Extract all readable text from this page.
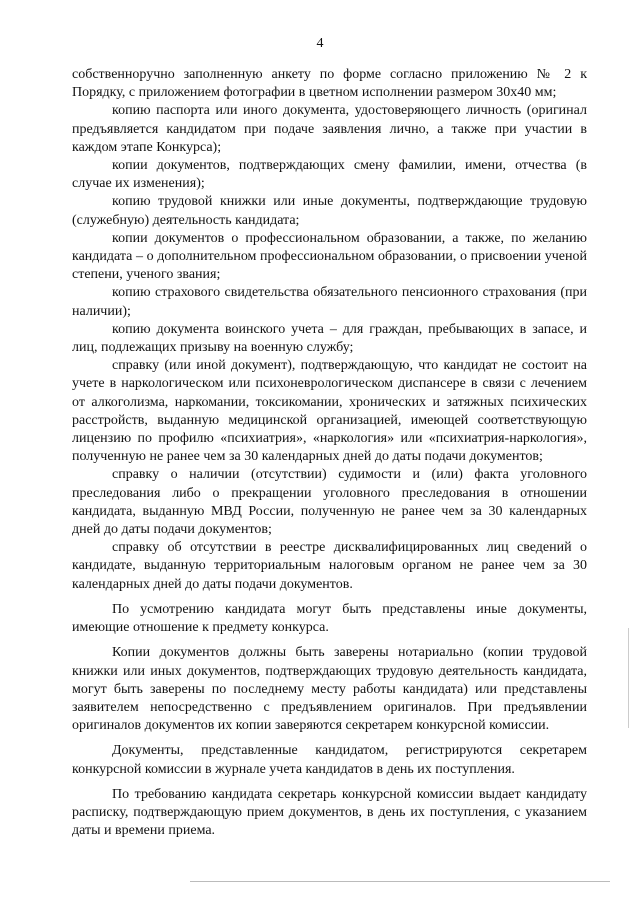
4

собственноручно заполненную анкету по форме согласно приложению № 2 к Порядку, с приложением фотографии в цветном исполнении размером 30х40 мм;

копию паспорта или иного документа, удостоверяющего личность (оригинал предъявляется кандидатом при подаче заявления лично, а также при участии в каждом этапе Конкурса);

копии документов, подтверждающих смену фамилии, имени, отчества (в случае их изменения);

копию трудовой книжки или иные документы, подтверждающие трудовую (служебную) деятельность кандидата;

копии документов о профессиональном образовании, а также, по желанию кандидата – о дополнительном профессиональном образовании, о присвоении ученой степени, ученого звания;

копию страхового свидетельства обязательного пенсионного страхования (при наличии);

копию документа воинского учета – для граждан, пребывающих в запасе, и лиц, подлежащих призыву на военную службу;

справку (или иной документ), подтверждающую, что кандидат не состоит на учете в наркологическом или психоневрологическом диспансере в связи с лечением от алкоголизма, наркомании, токсикомании, хронических и затяжных психических расстройств, выданную медицинской организацией, имеющей соответствующую лицензию по профилю «психиатрия», «наркология» или «психиатрия-наркология», полученную не ранее чем за 30 календарных дней до даты подачи документов;

справку о наличии (отсутствии) судимости и (или) факта уголовного преследования либо о прекращении уголовного преследования в отношении кандидата, выданную МВД России, полученную не ранее чем за 30 календарных дней до даты подачи документов;

справку об отсутствии в реестре дисквалифицированных лиц сведений о кандидате, выданную территориальным налоговым органом не ранее чем за 30 календарных дней до даты подачи документов.

По усмотрению кандидата могут быть представлены иные документы, имеющие отношение к предмету конкурса.

Копии документов должны быть заверены нотариально (копии трудовой книжки или иных документов, подтверждающих трудовую деятельность кандидата, могут быть заверены по последнему месту работы кандидата) или представлены заявителем непосредственно с предъявлением оригиналов. При предъявлении оригиналов документов их копии заверяются секретарем конкурсной комиссии.

Документы, представленные кандидатом, регистрируются секретарем конкурсной комиссии в журнале учета кандидатов в день их поступления.

По требованию кандидата секретарь конкурсной комиссии выдает кандидату расписку, подтверждающую прием документов, в день их поступления, с указанием даты и времени приема.
